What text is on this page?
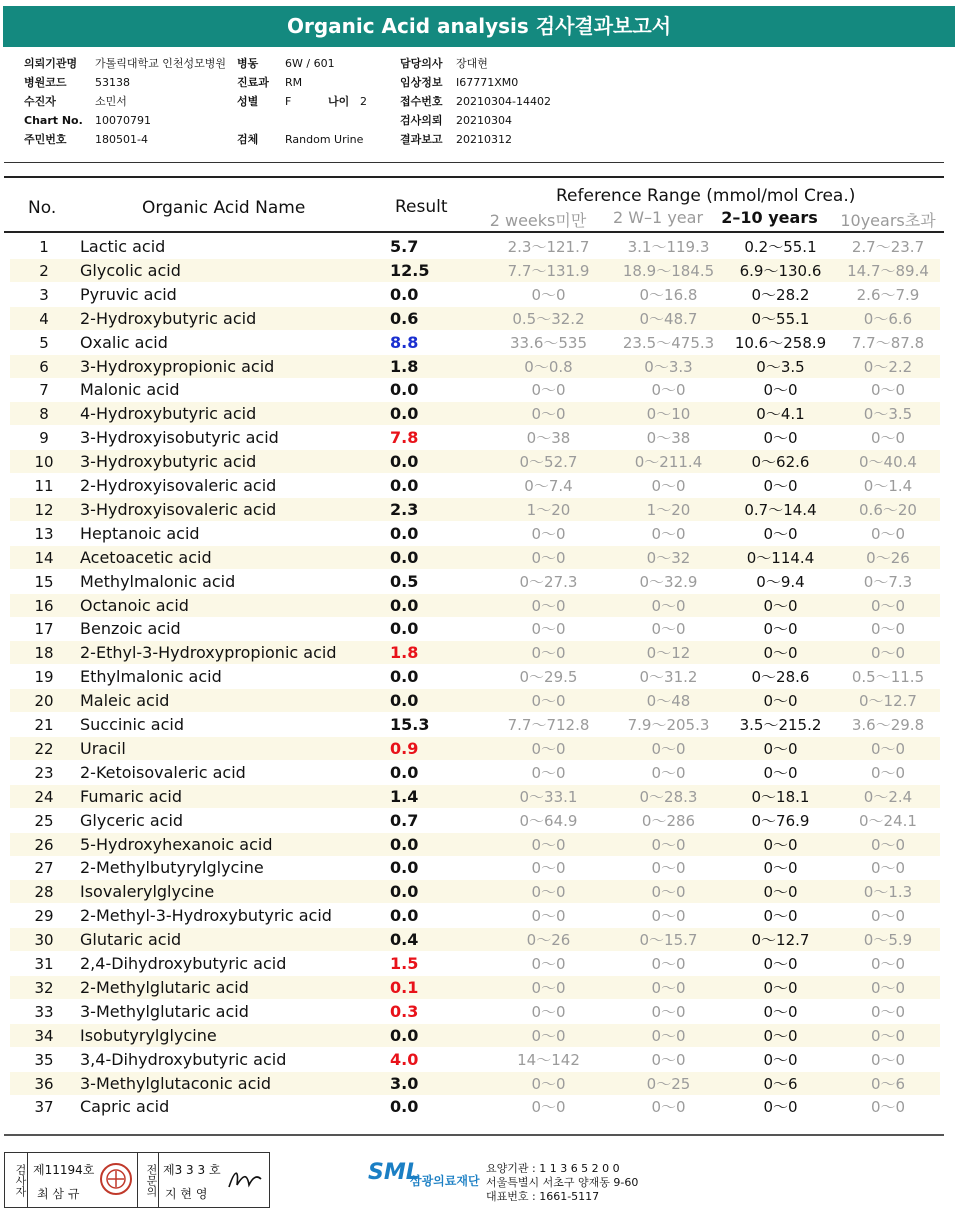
Organic Acid analysis 검사결과보고서
의뢰기관명 가톨릭대학교 인천성모병원
병원코드	53138
수진자	소민서
Chart No. 10070791
주민번호	180501-4
병동 6W / 601
진료과 RM
성별 F
검체 Random Urine
나이 2
담당의사 장대현
임상정보 I67771XM0
접수번호 20210304-14402
검사의뢰 20210304
결과보고 20210312
No.	Organic Acid Name	Result
Reference Range (mmol/mol Crea.)
2 weeks미만	2 W–1 year	2–10 years	10years초과
1	Lactic acid	5.7	2.3～121.7	3.1～119.3	0.2～55.1	2.7～23.7
2	Glycolic acid	12.5	7.7～131.9	18.9～184.5	6.9～130.6	14.7～89.4
3	Pyruvic acid	0.0	0～0	0～16.8	0～28.2	2.6～7.9
4	2-Hydroxybutyric acid	0.6	0.5～32.2	0～48.7	0～55.1	0～6.6
5	Oxalic acid	8.8	33.6～535	23.5～475.3	10.6～258.9	7.7～87.8
6	3-Hydroxypropionic acid	1.8	0～0.8	0～3.3	0～3.5	0～2.2
7	Malonic acid	0.0	0～0	0～0	0～0	0～0
8	4-Hydroxybutyric acid	0.0	0～0	0～10	0～4.1	0～3.5
9	3-Hydroxyisobutyric acid	7.8	0～38	0～38	0～0	0～0
10	3-Hydroxybutyric acid	0.0	0～52.7	0～211.4	0～62.6	0～40.4
11	2-Hydroxyisovaleric acid	0.0	0～7.4	0～0	0～0	0～1.4
12	3-Hydroxyisovaleric acid	2.3	1～20	1～20	0.7～14.4	0.6～20
13	Heptanoic acid	0.0	0～0	0～0	0～0	0～0
14	Acetoacetic acid	0.0	0～0	0～32	0～114.4	0～26
15	Methylmalonic acid	0.5	0～27.3	0～32.9	0～9.4	0～7.3
16	Octanoic acid	0.0	0～0	0～0	0～0	0～0
17	Benzoic acid	0.0	0～0	0～0	0～0	0～0
18	2-Ethyl-3-Hydroxypropionic acid	1.8	0～0	0～12	0～0	0～0
19	Ethylmalonic acid	0.0	0～29.5	0～31.2	0～28.6	0.5～11.5
20	Maleic acid	0.0	0～0	0～48	0～0	0～12.7
21	Succinic acid	15.3	7.7～712.8	7.9～205.3	3.5～215.2	3.6～29.8
22	Uracil	0.9	0～0	0～0	0～0	0～0
23	2-Ketoisovaleric acid	0.0	0～0	0～0	0～0	0～0
24	Fumaric acid	1.4	0～33.1	0～28.3	0～18.1	0～2.4
25	Glyceric acid	0.7	0～64.9	0～286	0～76.9	0～24.1
26	5-Hydroxyhexanoic acid	0.0	0～0	0～0	0～0	0～0
27	2-Methylbutyrylglycine	0.0	0～0	0～0	0～0	0～0
28	Isovalerylglycine	0.0	0～0	0～0	0～0	0～1.3
29	2-Methyl-3-Hydroxybutyric acid	0.0	0～0	0～0	0～0	0～0
30	Glutaric acid	0.4	0～26	0～15.7	0～12.7	0～5.9
31	2,4-Dihydroxybutyric acid	1.5	0～0	0～0	0～0	0～0
32	2-Methylglutaric acid	0.1	0～0	0～0	0～0	0～0
33	3-Methylglutaric acid	0.3	0～0	0～0	0～0	0～0
34	Isobutyrylglycine	0.0	0～0	0～0	0～0	0～0
35	3,4-Dihydroxybutyric acid	4.0	14～142	0～0	0～0	0～0
36	3-Methylglutaconic acid	3.0	0～0	0～25	0～6	0～6
37	Capric acid	0.0	0～0	0～0	0～0	0～0
검사자 제11194호
최 삼 규	전문의 제3 3 3 호
지 현 영
SML
삼광의료재단
요양기관 : 1 1 3 6 5 2 0 0
서울특별시 서초구 양재동 9-60
대표번호 : 1661-5117
